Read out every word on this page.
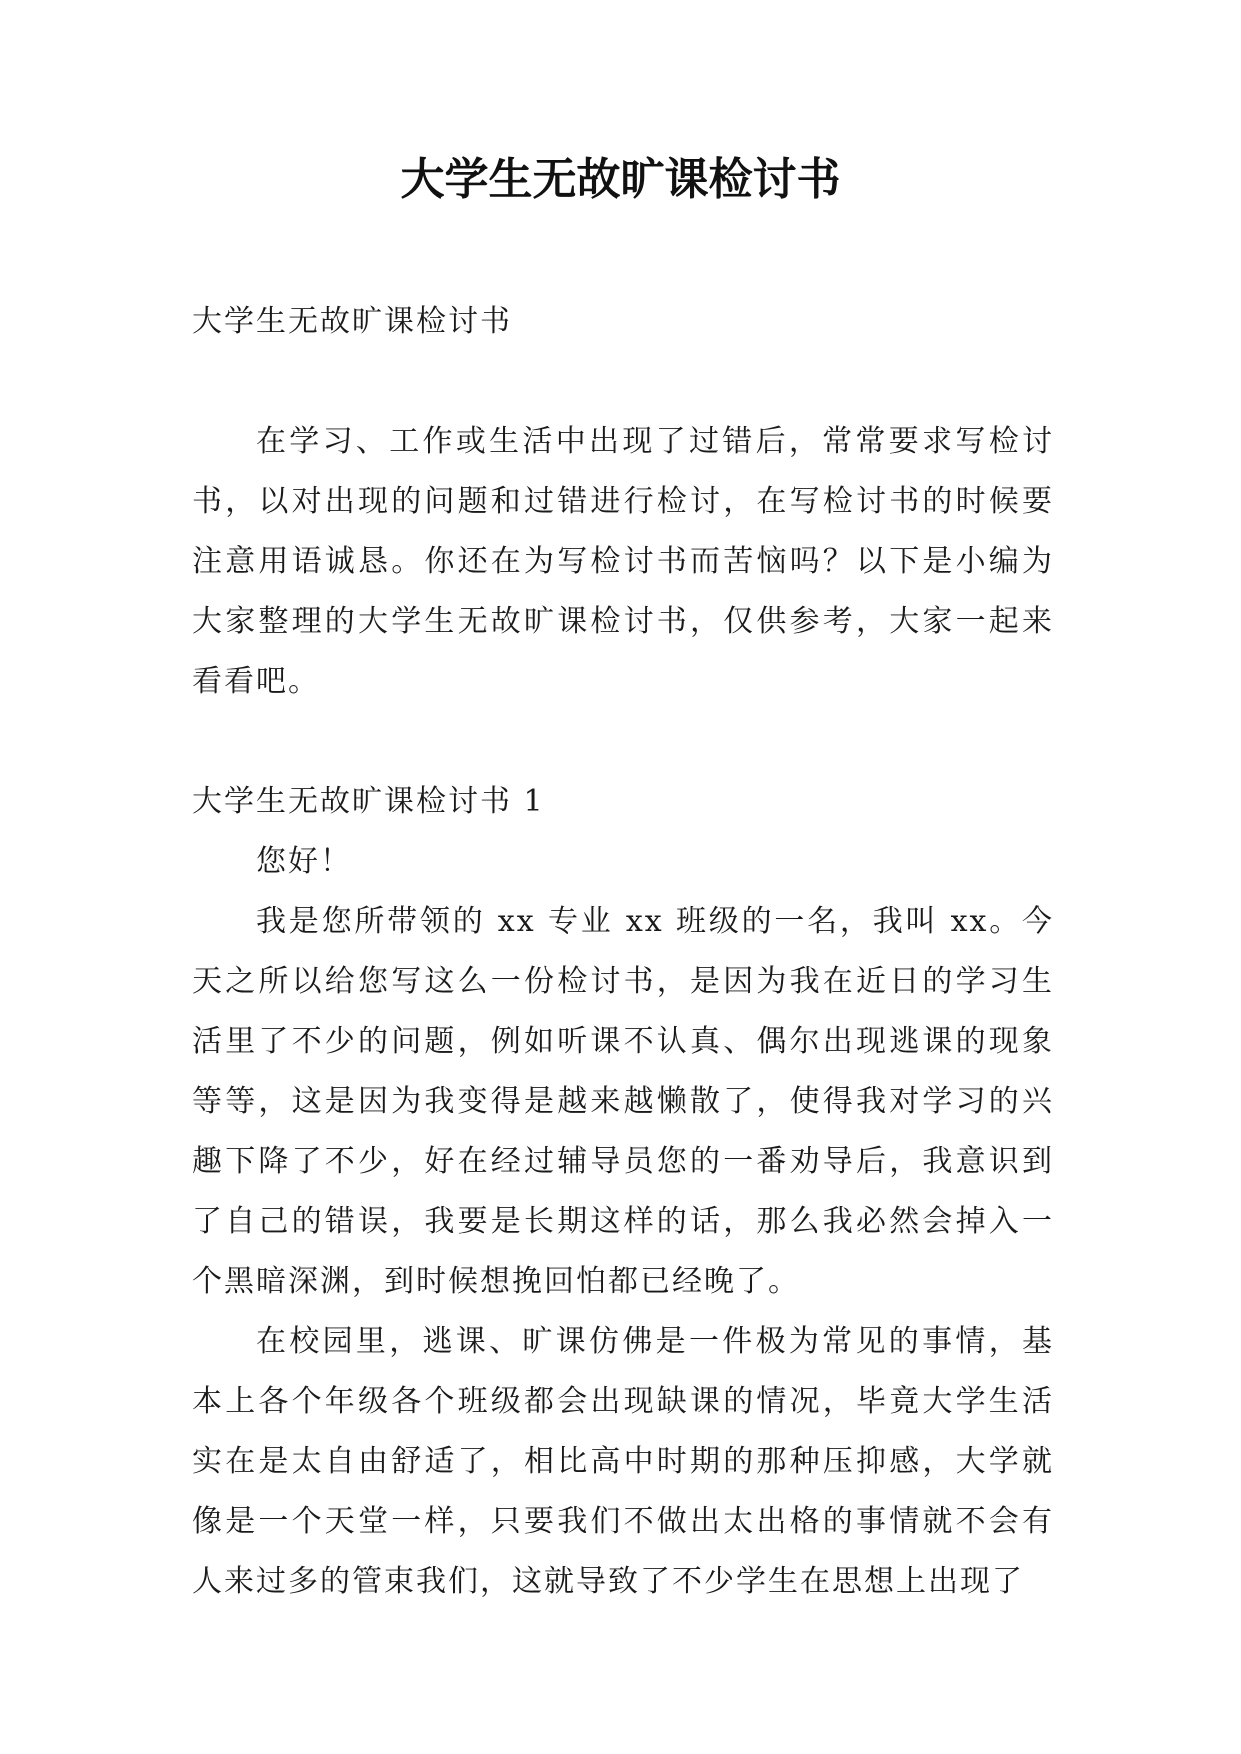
大学生无故旷课检讨书

大学生无故旷课检讨书

在学习、工作或生活中出现了过错后，常常要求写检讨书，以对出现的问题和过错进行检讨，在写检讨书的时候要注意用语诚恳。你还在为写检讨书而苦恼吗？以下是小编为大家整理的大学生无故旷课检讨书，仅供参考，大家一起来看看吧。

大学生无故旷课检讨书 1

您好！

我是您所带领的 xx 专业 xx 班级的一名，我叫 xx。今天之所以给您写这么一份检讨书，是因为我在近日的学习生活里了不少的问题，例如听课不认真、偶尔出现逃课的现象等等，这是因为我变得是越来越懒散了，使得我对学习的兴趣下降了不少，好在经过辅导员您的一番劝导后，我意识到了自己的错误，我要是长期这样的话，那么我必然会掉入一个黑暗深渊，到时候想挽回怕都已经晚了。

在校园里，逃课、旷课仿佛是一件极为常见的事情，基本上各个年级各个班级都会出现缺课的情况，毕竟大学生活实在是太自由舒适了，相比高中时期的那种压抑感，大学就像是一个天堂一样，只要我们不做出太出格的事情就不会有人来过多的管束我们，这就导致了不少学生在思想上出现了
